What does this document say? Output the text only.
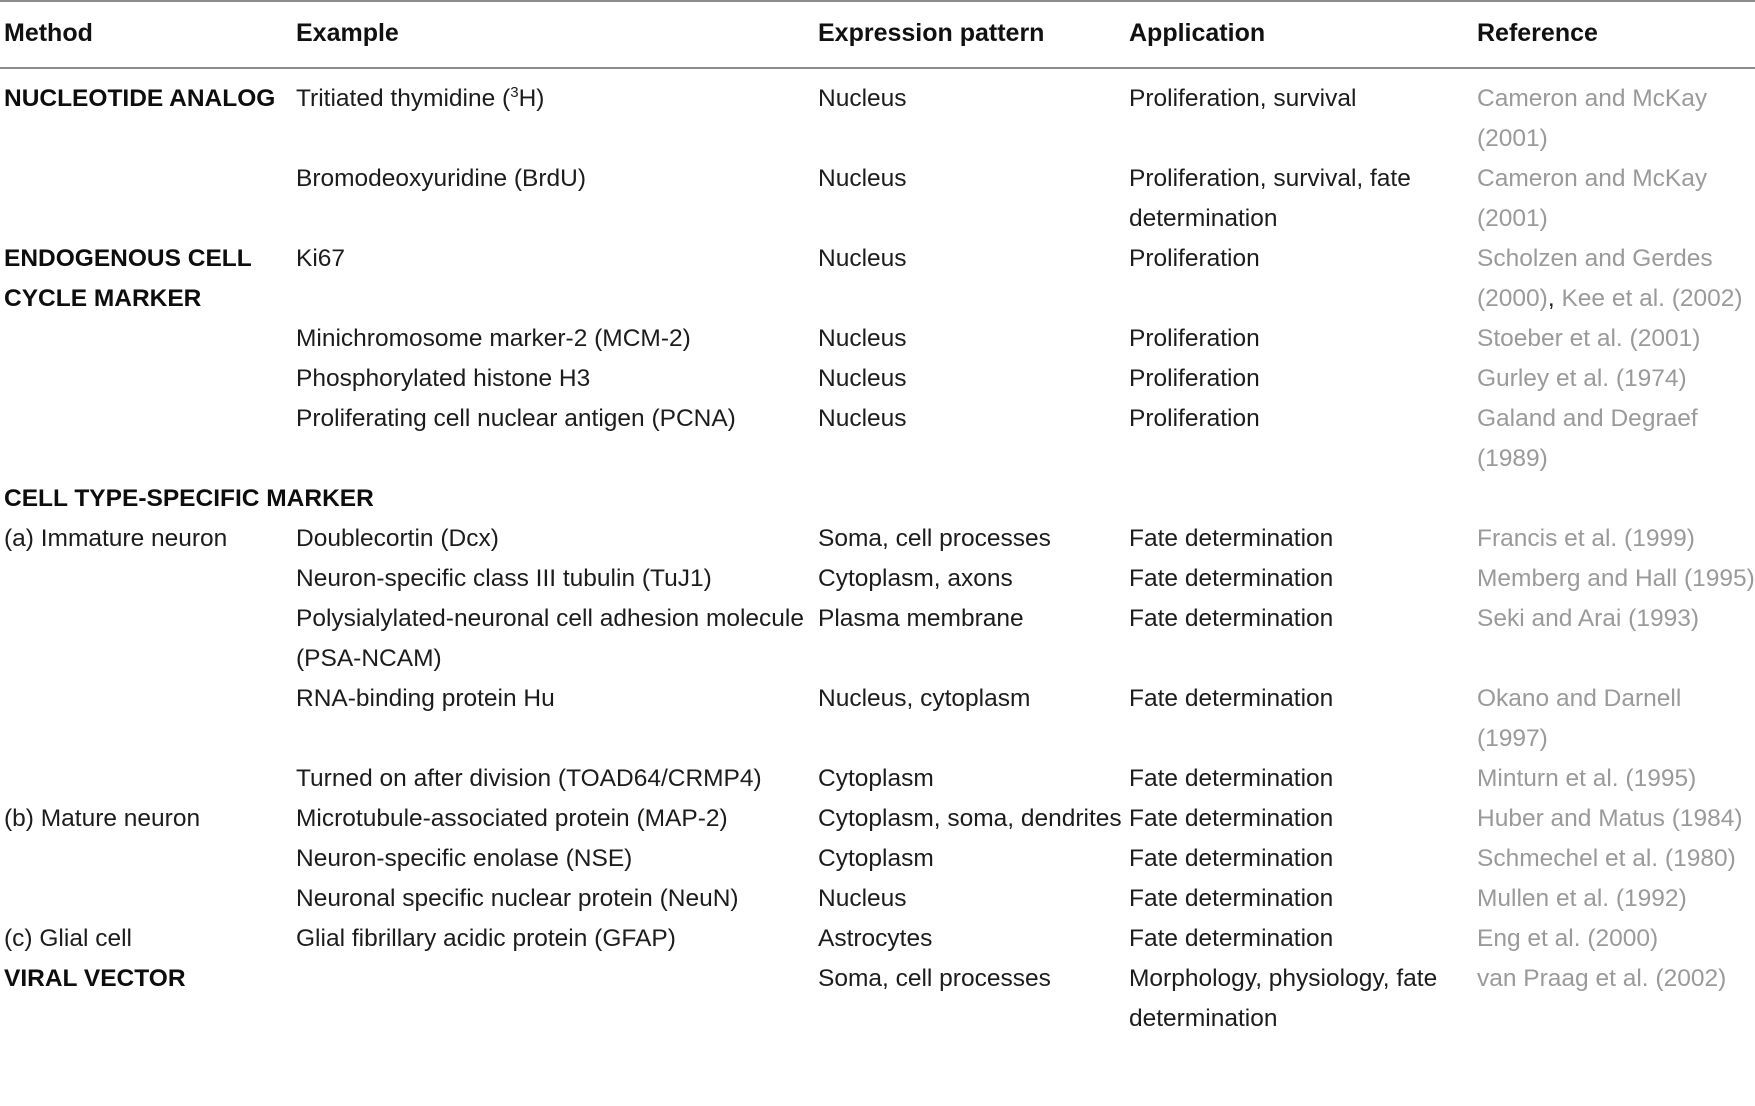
Method	Example	Expression pattern	Application	Reference
NUCLEOTIDE ANALOG	Tritiated thymidine ($^3$H)	Nucleus	Proliferation, survival	Cameron and McKay (2001)
	Bromodeoxyuridine (BrdU)	Nucleus	Proliferation, survival, fate determination	Cameron and McKay (2001)
ENDOGENOUS CELL CYCLE MARKER	Ki67	Nucleus	Proliferation	Scholzen and Gerdes (2000), Kee et al. (2002)
	Minichromosome marker-2 (MCM-2)	Nucleus	Proliferation	Stoeber et al. (2001)
	Phosphorylated histone H3	Nucleus	Proliferation	Gurley et al. (1974)
	Proliferating cell nuclear antigen (PCNA)	Nucleus	Proliferation	Galand and Degraef (1989)
CELL TYPE-SPECIFIC MARKER				
(a) Immature neuron	Doublecortin (Dcx)	Soma, cell processes	Fate determination	Francis et al. (1999)
	Neuron-specific class III tubulin (TuJ1)	Cytoplasm, axons	Fate determination	Memberg and Hall (1995)
	Polysialylated-neuronal cell adhesion molecule (PSA-NCAM)	Plasma membrane	Fate determination	Seki and Arai (1993)
	RNA-binding protein Hu	Nucleus, cytoplasm	Fate determination	Okano and Darnell (1997)
	Turned on after division (TOAD64/CRMP4)	Cytoplasm	Fate determination	Minturn et al. (1995)
(b) Mature neuron	Microtubule-associated protein (MAP-2)	Cytoplasm, soma, dendrites	Fate determination	Huber and Matus (1984)
	Neuron-specific enolase (NSE)	Cytoplasm	Fate determination	Schmechel et al. (1980)
	Neuronal specific nuclear protein (NeuN)	Nucleus	Fate determination	Mullen et al. (1992)
(c) Glial cell	Glial fibrillary acidic protein (GFAP)	Astrocytes	Fate determination	Eng et al. (2000)
VIRAL VECTOR		Soma, cell processes	Morphology, physiology, fate determination	van Praag et al. (2002)
